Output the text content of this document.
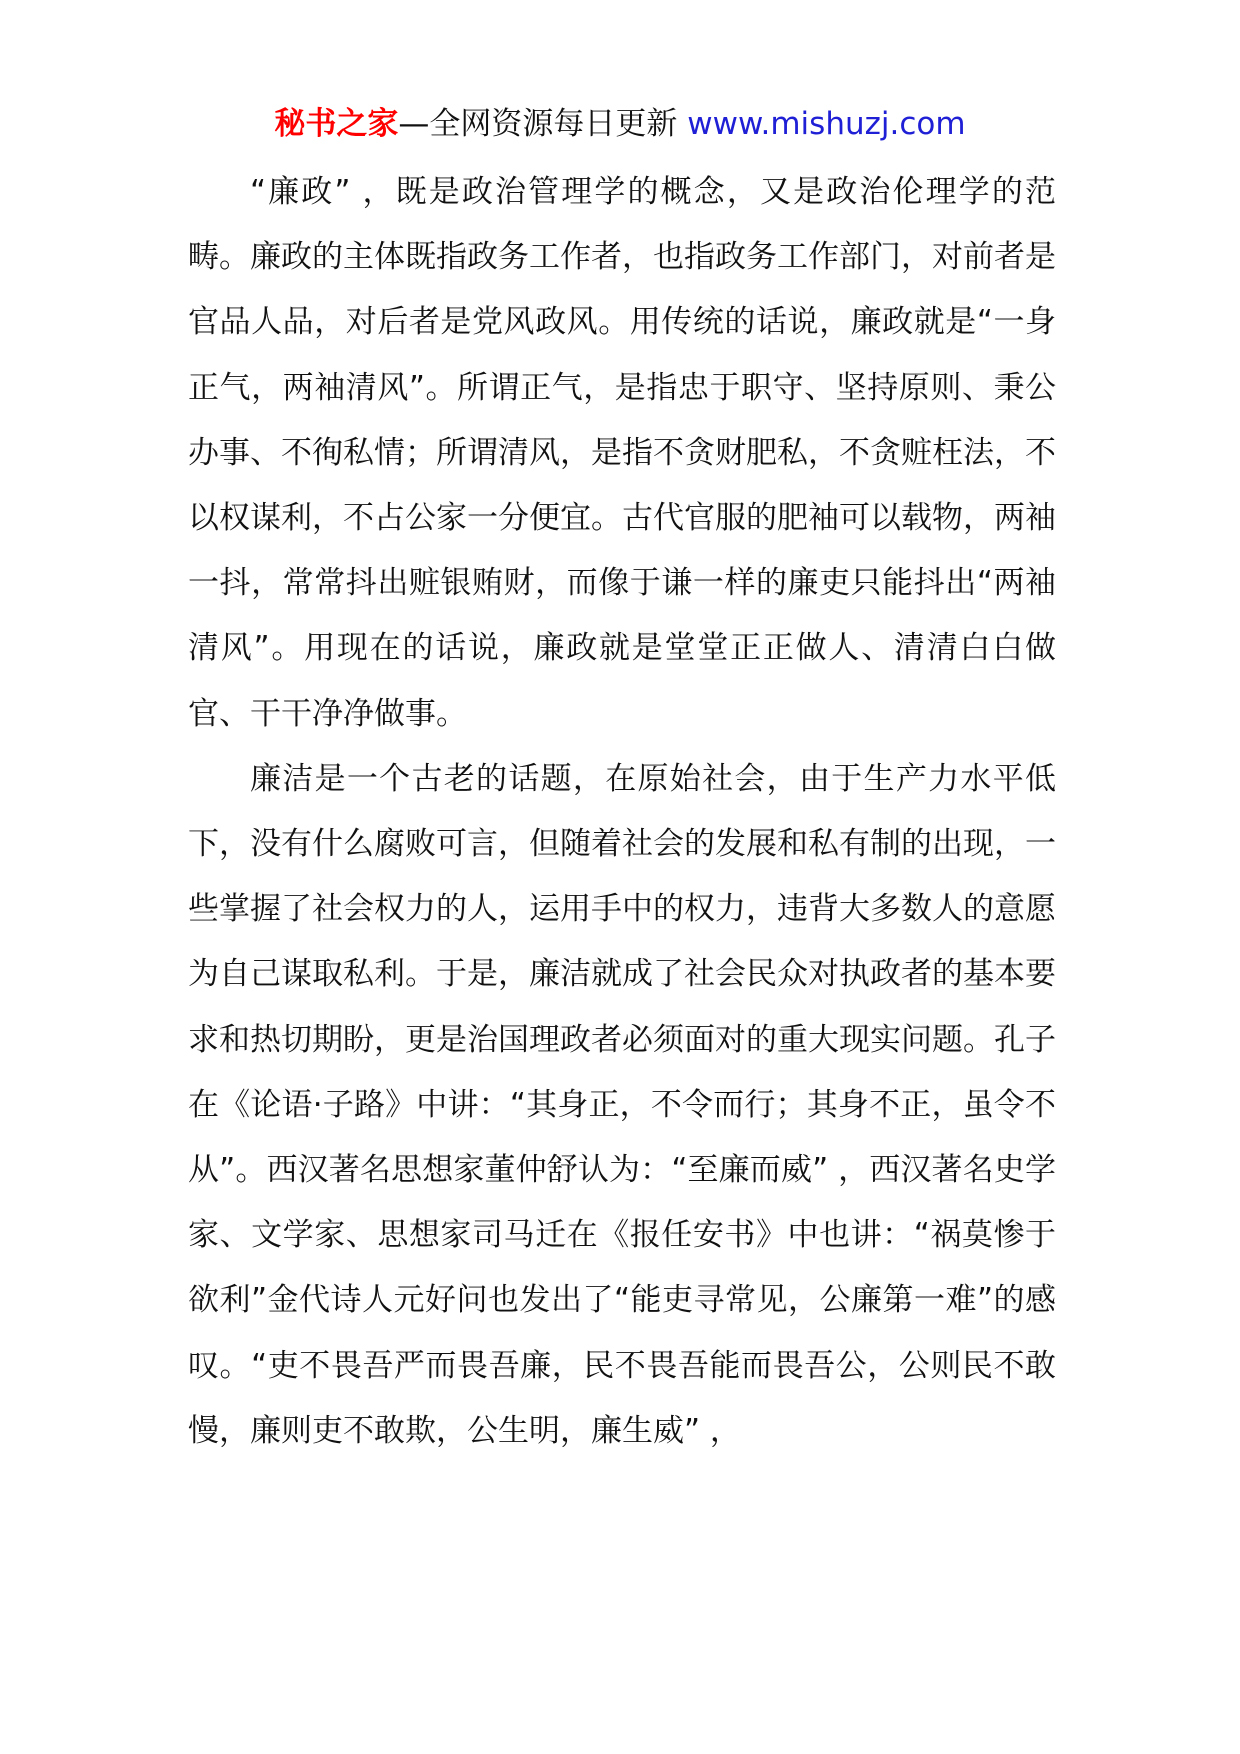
秘书之家—全网资源每日更新 www.mishuzj.com

“廉政” ，既是政治管理学的概念，又是政治伦理学的范畴。廉政的主体既指政务工作者，也指政务工作部门，对前者是官品人品，对后者是党风政风。用传统的话说，廉政就是“一身正气，两袖清风”。所谓正气，是指忠于职守、坚持原则、秉公办事、不徇私情；所谓清风，是指不贪财肥私，不贪赃枉法，不以权谋利，不占公家一分便宜。古代官服的肥袖可以载物，两袖一抖，常常抖出赃银贿财，而像于谦一样的廉吏只能抖出“两袖清风”。用现在的话说，廉政就是堂堂正正做人、清清白白做官、干干净净做事。

廉洁是一个古老的话题，在原始社会，由于生产力水平低下，没有什么腐败可言，但随着社会的发展和私有制的出现，一些掌握了社会权力的人，运用手中的权力，违背大多数人的意愿为自己谋取私利。于是，廉洁就成了社会民众对执政者的基本要求和热切期盼，更是治国理政者必须面对的重大现实问题。孔子在《论语·子路》中讲：“其身正，不令而行；其身不正，虽令不从”。西汉著名思想家董仲舒认为：“至廉而威” ，西汉著名史学家、文学家、思想家司马迁在《报任安书》中也讲：“祸莫惨于欲利”金代诗人元好问也发出了“能吏寻常见，公廉第一难”的感叹。“吏不畏吾严而畏吾廉，民不畏吾能而畏吾公，公则民不敢慢，廉则吏不敢欺，公生明，廉生威” ，
